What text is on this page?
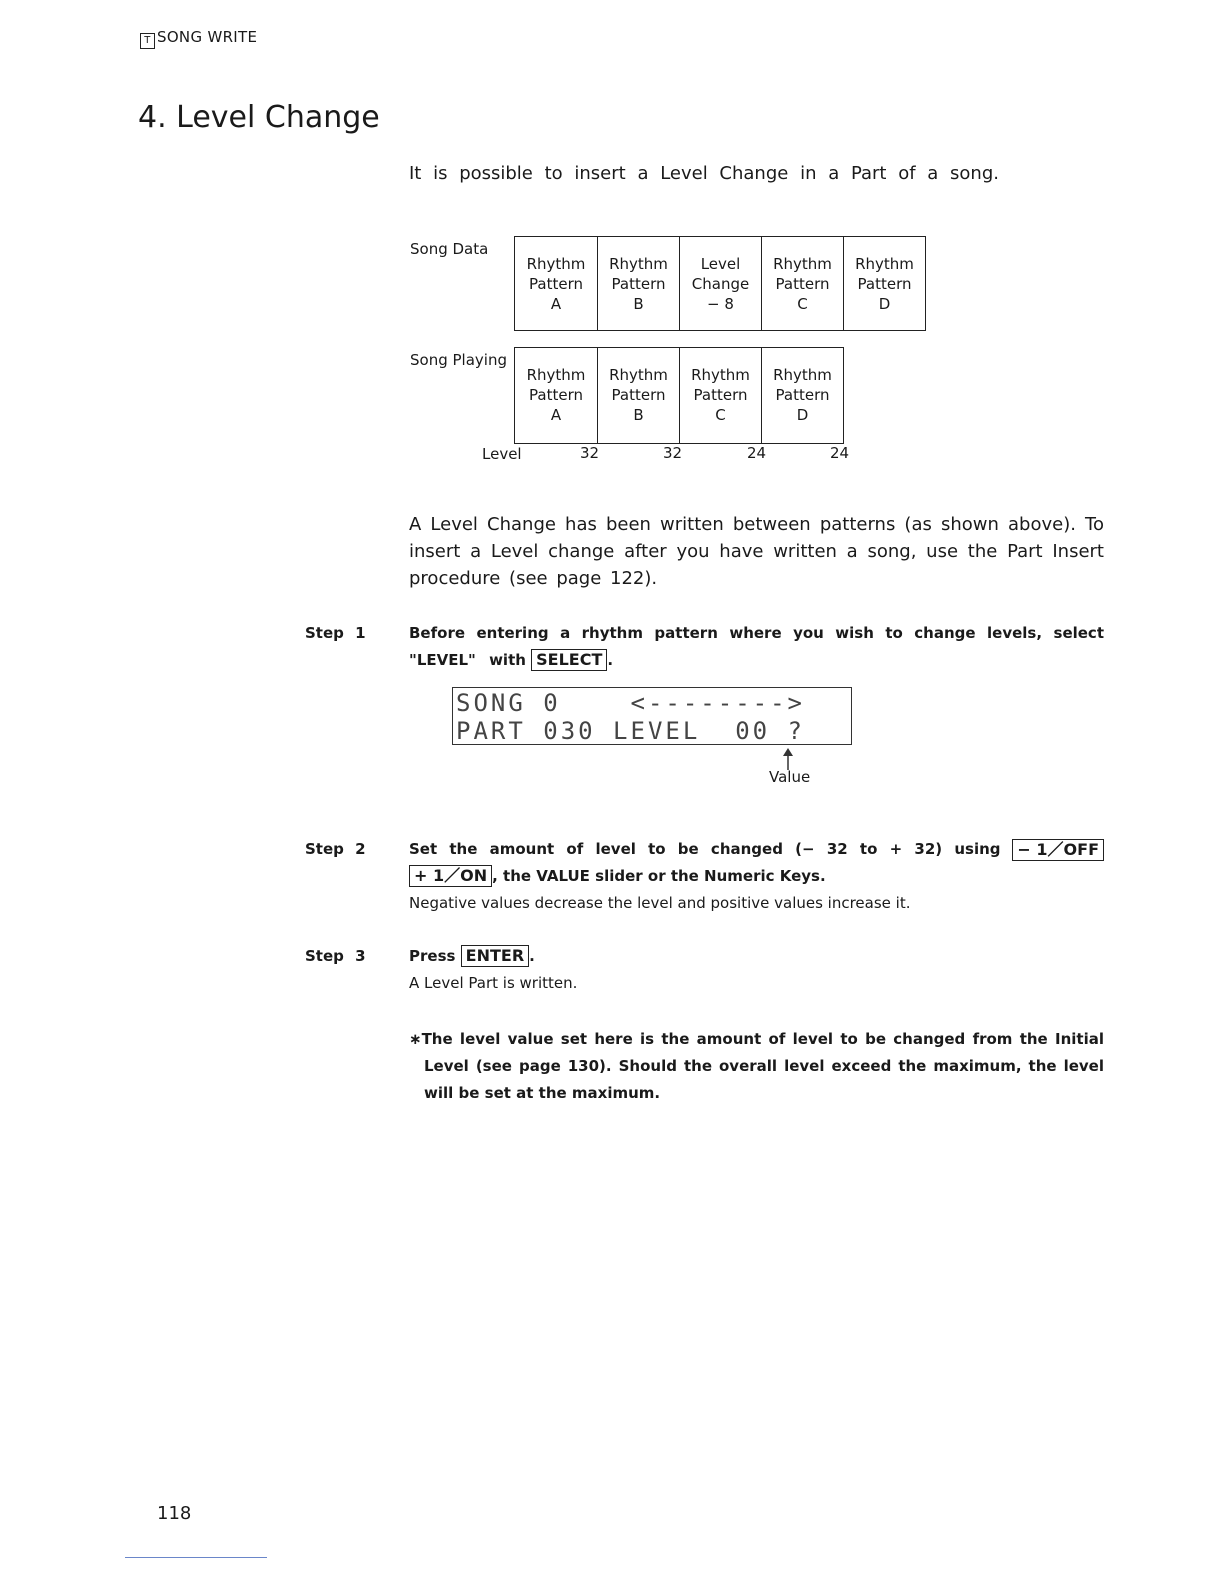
T SONG WRITE
4. Level Change
It is possible to insert a Level Change in a Part of a song.
Song Data
Rhythm
Pattern
A
Rhythm
Pattern
B
Level
Change
− 8
Rhythm
Pattern
C
Rhythm
Pattern
D
Song Playing
Rhythm
Pattern
A
Rhythm
Pattern
B
Rhythm
Pattern
C
Rhythm
Pattern
D
Level	32	32	24	24
A Level Change has been written between patterns (as shown above). To insert a Level change after you have written a song, use the Part Insert procedure (see page 122).
Step 1	Before entering a rhythm pattern where you wish to change levels, select
"LEVEL" with SELECT .

SONG 0    <-------->

PART 030 LEVEL  00 ?

Value
Step 2	Set the amount of level to be changed (− 32 to + 32) using	− 1／OFF
+ 1／ON , the VALUE slider or the Numeric Keys.
Negative values decrease the level and positive values increase it.
Step 3	Press ENTER .
A Level Part is written.
∗The level value set here is the amount of level to be changed from the Initial
Level (see page 130). Should the overall level exceed the maximum, the level
will be set at the maximum.
118
